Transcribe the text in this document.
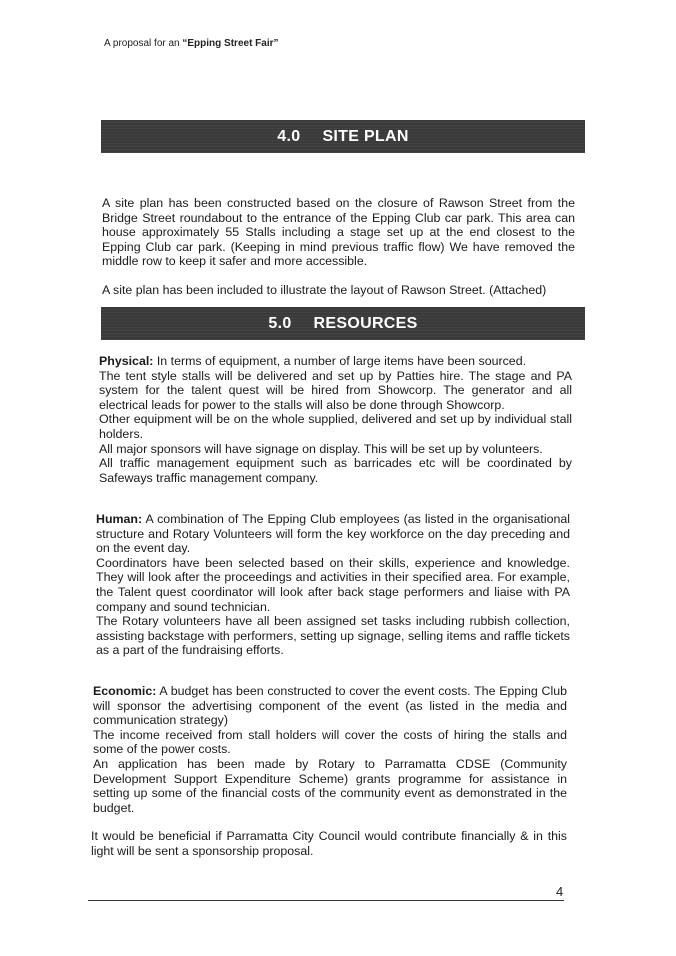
A proposal for an “Epping Street Fair”
4.0 SITE PLAN
A site plan has been constructed based on the closure of Rawson Street from the Bridge Street roundabout to the entrance of the Epping Club car park. This area can house approximately 55 Stalls including a stage set up at the end closest to the Epping Club car park. (Keeping in mind previous traffic flow) We have removed the middle row to keep it safer and more accessible.
A site plan has been included to illustrate the layout of Rawson Street. (Attached)
5.0 RESOURCES
Physical: In terms of equipment, a number of large items have been sourced.
The tent style stalls will be delivered and set up by Patties hire. The stage and PA system for the talent quest will be hired from Showcorp. The generator and all electrical leads for power to the stalls will also be done through Showcorp.
Other equipment will be on the whole supplied, delivered and set up by individual stall holders.
All major sponsors will have signage on display. This will be set up by volunteers.
All traffic management equipment such as barricades etc will be coordinated by Safeways traffic management company.
Human: A combination of The Epping Club employees (as listed in the organisational structure and Rotary Volunteers will form the key workforce on the day preceding and on the event day.
Coordinators have been selected based on their skills, experience and knowledge. They will look after the proceedings and activities in their specified area. For example, the Talent quest coordinator will look after back stage performers and liaise with PA company and sound technician.
The Rotary volunteers have all been assigned set tasks including rubbish collection, assisting backstage with performers, setting up signage, selling items and raffle tickets as a part of the fundraising efforts.
Economic: A budget has been constructed to cover the event costs. The Epping Club will sponsor the advertising component of the event (as listed in the media and communication strategy)
The income received from stall holders will cover the costs of hiring the stalls and some of the power costs.
An application has been made by Rotary to Parramatta CDSE (Community Development Support Expenditure Scheme) grants programme for assistance in setting up some of the financial costs of the community event as demonstrated in the budget.
It would be beneficial if Parramatta City Council would contribute financially & in this light will be sent a sponsorship proposal.
4
